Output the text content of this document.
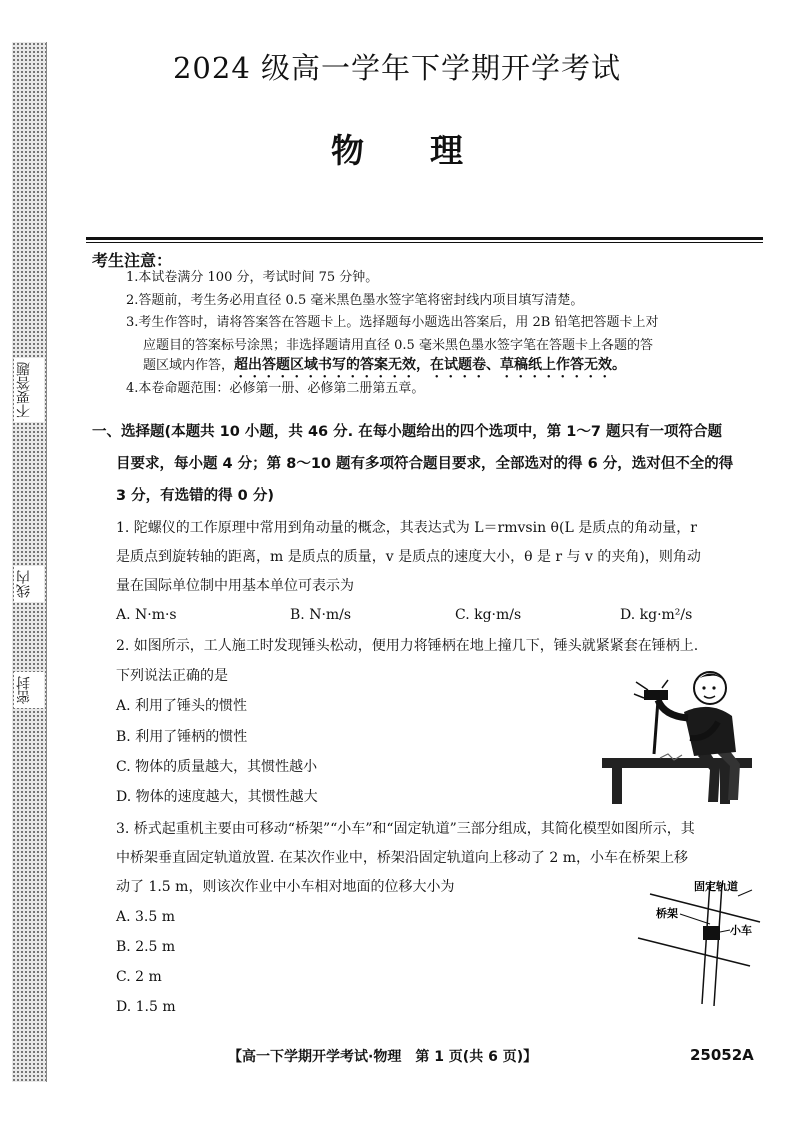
不要答题
线内
密封
2024 级高一学年下学期开学考试
物理
考生注意：
1.本试卷满分 100 分，考试时间 75 分钟。
2.答题前，考生务必用直径 0.5 毫米黑色墨水签字笔将密封线内项目填写清楚。
3.考生作答时，请将答案答在答题卡上。选择题每小题选出答案后，用 2B 铅笔把答题卡上对
应题目的答案标号涂黑；非选择题请用直径 0.5 毫米黑色墨水签字笔在答题卡上各题的答
题区域内作答，超出答题区域书写的答案无效，在试题卷、草稿纸上作答无效。
4.本卷命题范围：必修第一册、必修第二册第五章。
一、选择题(本题共 10 小题，共 46 分. 在每小题给出的四个选项中，第 1～7 题只有一项符合题
目要求，每小题 4 分；第 8～10 题有多项符合题目要求，全部选对的得 6 分，选对但不全的得
3 分，有选错的得 0 分)
1. 陀螺仪的工作原理中常用到角动量的概念，其表达式为 L＝rmvsin θ(L 是质点的角动量，r
是质点到旋转轴的距离，m 是质点的质量，v 是质点的速度大小，θ 是 r 与 v 的夹角)，则角动
量在国际单位制中用基本单位可表示为
A. N·m·s	B. N·m/s	C. kg·m/s	D. kg·m²/s
2. 如图所示，工人施工时发现锤头松动，便用力将锤柄在地上撞几下，锤头就紧紧套在锤柄上.
下列说法正确的是
A. 利用了锤头的惯性
B. 利用了锤柄的惯性
C. 物体的质量越大，其惯性越小
D. 物体的速度越大，其惯性越大
3. 桥式起重机主要由可移动“桥架”“小车”和“固定轨道”三部分组成，其简化模型如图所示，其
中桥架垂直固定轨道放置. 在某次作业中，桥架沿固定轨道向上移动了 2 m，小车在桥架上移
动了 1.5 m，则该次作业中小车相对地面的位移大小为
A. 3.5 m
B. 2.5 m
C. 2 m
D. 1.5 m
固定轨道
桥架
小车
【高一下学期开学考试·物理　第 1 页(共 6 页)】	25052A
